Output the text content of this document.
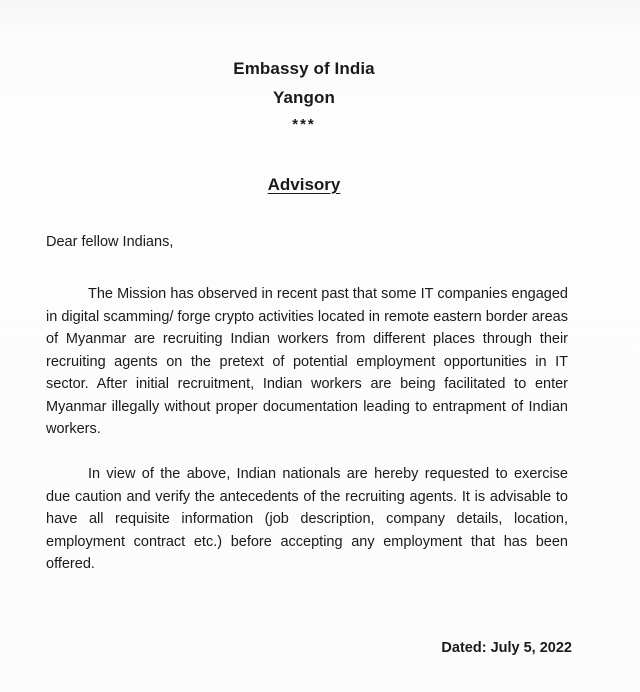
Embassy of India
Yangon
***
Advisory
Dear fellow Indians,
The Mission has observed in recent past that some IT companies engaged in digital scamming/ forge crypto activities located in remote eastern border areas of Myanmar are recruiting Indian workers from different places through their recruiting agents on the pretext of potential employment opportunities in IT sector. After initial recruitment, Indian workers are being facilitated to enter Myanmar illegally without proper documentation leading to entrapment of Indian workers.
In view of the above, Indian nationals are hereby requested to exercise due caution and verify the antecedents of the recruiting agents. It is advisable to have all requisite information (job description, company details, location, employment contract etc.) before accepting any employment that has been offered.
Dated: July 5, 2022
